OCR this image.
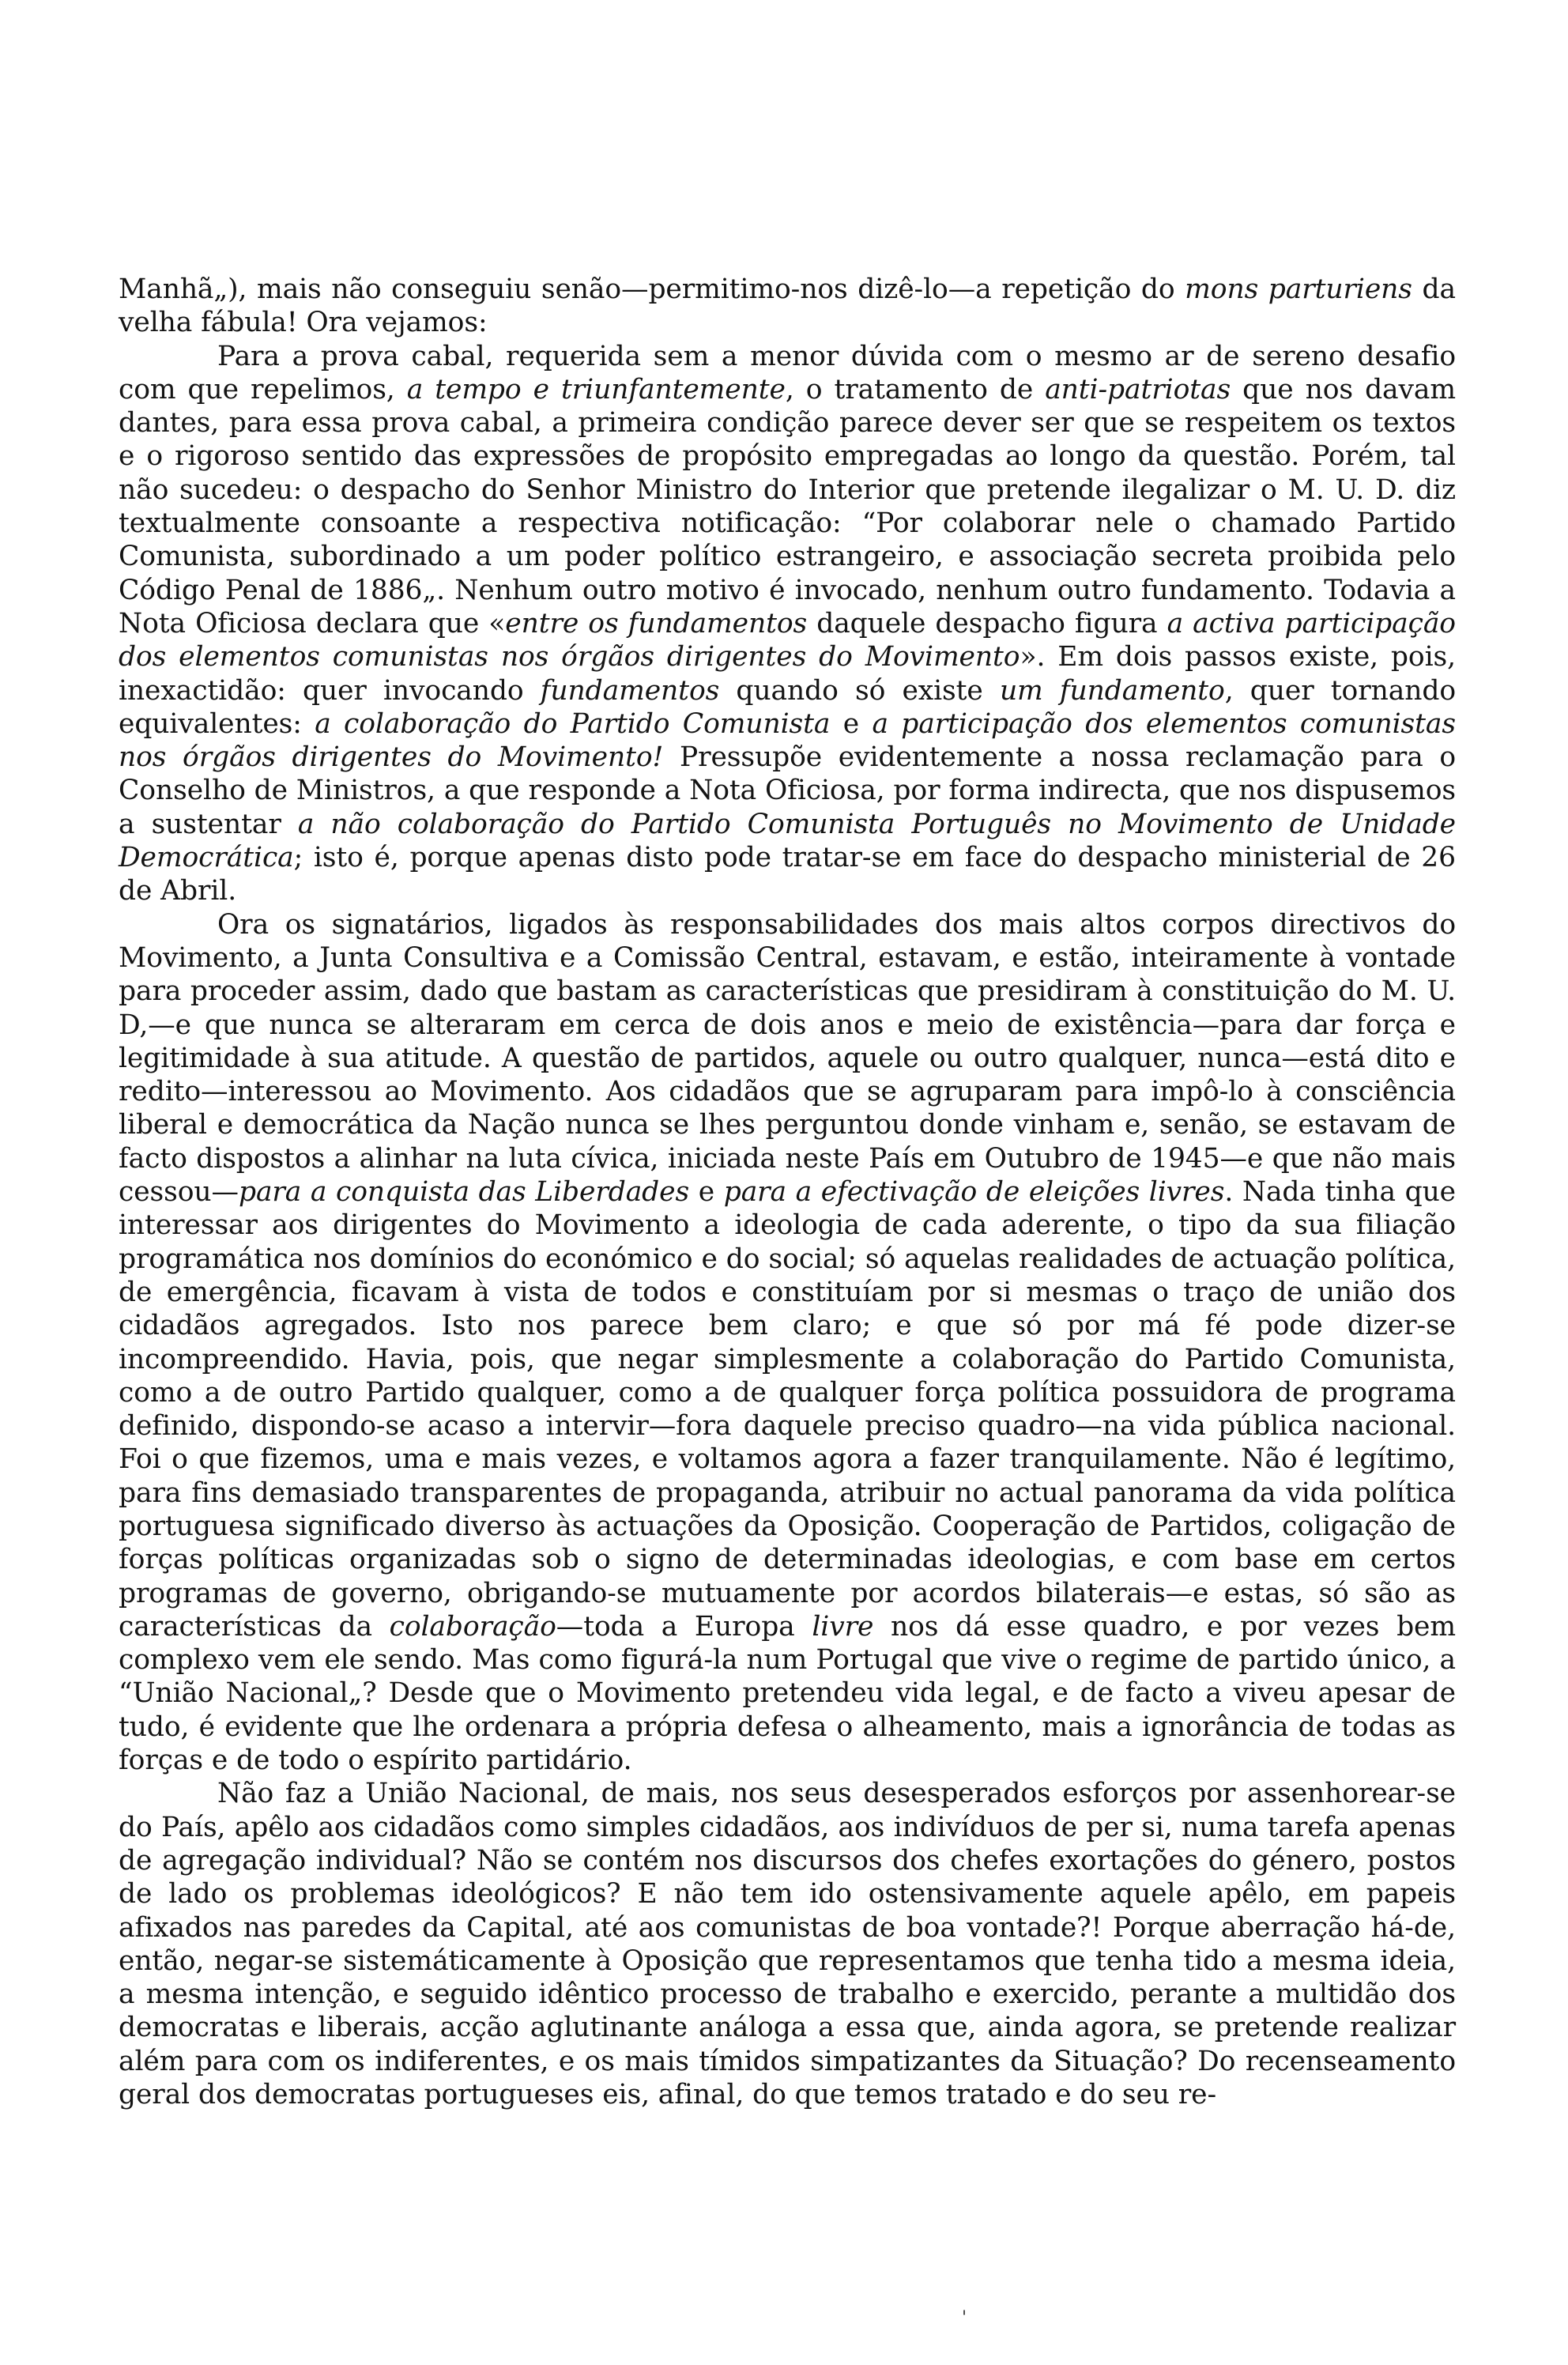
Manhã„), mais não conseguiu senão—permitimo-nos dizê-lo—a repetição do mons parturiens da velha fábula! Ora vejamos:

Para a prova cabal, requerida sem a menor dúvida com o mesmo ar de sereno desafio com que repelimos, a tempo e triunfantemente, o tratamento de anti-patriotas que nos davam dantes, para essa prova cabal, a primeira condição parece dever ser que se respeitem os textos e o rigoroso sentido das expressões de propósito empregadas ao longo da questão. Porém, tal não sucedeu: o despacho do Senhor Ministro do Interior que pretende ilegalizar o M. U. D. diz textualmente consoante a respectiva notificação: “Por colaborar nele o chamado Partido Comunista, subordinado a um poder político estrangeiro, e associação secreta proibida pelo Código Penal de 1886„. Nenhum outro motivo é invocado, nenhum outro fundamento. Todavia a Nota Oficiosa declara que «entre os fundamentos daquele despacho figura a activa participação dos elementos comunistas nos órgãos dirigentes do Movimento». Em dois passos existe, pois, inexactidão: quer invocando fundamentos quando só existe um fundamento, quer tornando equivalentes: a colaboração do Partido Comunista e a participação dos elementos comunistas nos órgãos dirigentes do Movimento! Pressupõe evidentemente a nossa reclamação para o Conselho de Ministros, a que responde a Nota Oficiosa, por forma indirecta, que nos dispusemos a sustentar a não colaboração do Partido Comunista Português no Movimento de Unidade Democrática; isto é, porque apenas disto pode tratar-se em face do despacho ministerial de 26 de Abril.

Ora os signatários, ligados às responsabilidades dos mais altos corpos directivos do Movimento, a Junta Consultiva e a Comissão Central, estavam, e estão, inteiramente à vontade para proceder assim, dado que bastam as características que presidiram à constituição do M. U. D,—e que nunca se alteraram em cerca de dois anos e meio de existência—para dar força e legitimidade à sua atitude. A questão de partidos, aquele ou outro qualquer, nunca—está dito e redito—interessou ao Movimento. Aos cidadãos que se agruparam para impô-lo à consciência liberal e democrática da Nação nunca se lhes perguntou donde vinham e, senão, se estavam de facto dispostos a alinhar na luta cívica, iniciada neste País em Outubro de 1945—e que não mais cessou—para a conquista das Liberdades e para a efectivação de eleições livres. Nada tinha que interessar aos dirigentes do Movimento a ideologia de cada aderente, o tipo da sua filiação programática nos domínios do económico e do social; só aquelas realidades de actuação política, de emergência, ficavam à vista de todos e constituíam por si mesmas o traço de união dos cidadãos agregados. Isto nos parece bem claro; e que só por má fé pode dizer-se incompreendido. Havia, pois, que negar simplesmente a colaboração do Partido Comunista, como a de outro Partido qualquer, como a de qualquer força política possuidora de programa definido, dispondo-se acaso a intervir—fora daquele preciso quadro—na vida pública nacional. Foi o que fizemos, uma e mais vezes, e voltamos agora a fazer tranquilamente. Não é legítimo, para fins demasiado transparentes de propaganda, atribuir no actual panorama da vida política portuguesa significado diverso às actuações da Oposição. Cooperação de Partidos, coligação de forças políticas organizadas sob o signo de determinadas ideologias, e com base em certos programas de governo, obrigando-se mutuamente por acordos bilaterais—e estas, só são as características da colaboração—toda a Europa livre nos dá esse quadro, e por vezes bem complexo vem ele sendo. Mas como figurá-la num Portugal que vive o regime de partido único, a “União Nacional„? Desde que o Movimento pretendeu vida legal, e de facto a viveu apesar de tudo, é evidente que lhe ordenara a própria defesa o alheamento, mais a ignorância de todas as forças e de todo o espírito partidário.

Não faz a União Nacional, de mais, nos seus desesperados esforços por assenhorear-se do País, apêlo aos cidadãos como simples cidadãos, aos indivíduos de per si, numa tarefa apenas de agregação individual? Não se contém nos discursos dos chefes exortações do género, postos de lado os problemas ideológicos? E não tem ido ostensivamente aquele apêlo, em papeis afixados nas paredes da Capital, até aos comunistas de boa vontade?! Porque aberração há-de, então, negar-se sistemáticamente à Oposição que representamos que tenha tido a mesma ideia, a mesma intenção, e seguido idêntico processo de trabalho e exercido, perante a multidão dos democratas e liberais, acção aglutinante análoga a essa que, ainda agora, se pretende realizar além para com os indiferentes, e os mais tímidos simpatizantes da Situação? Do recenseamento geral dos democratas portugueses eis, afinal, do que temos tratado e do seu re-

'
